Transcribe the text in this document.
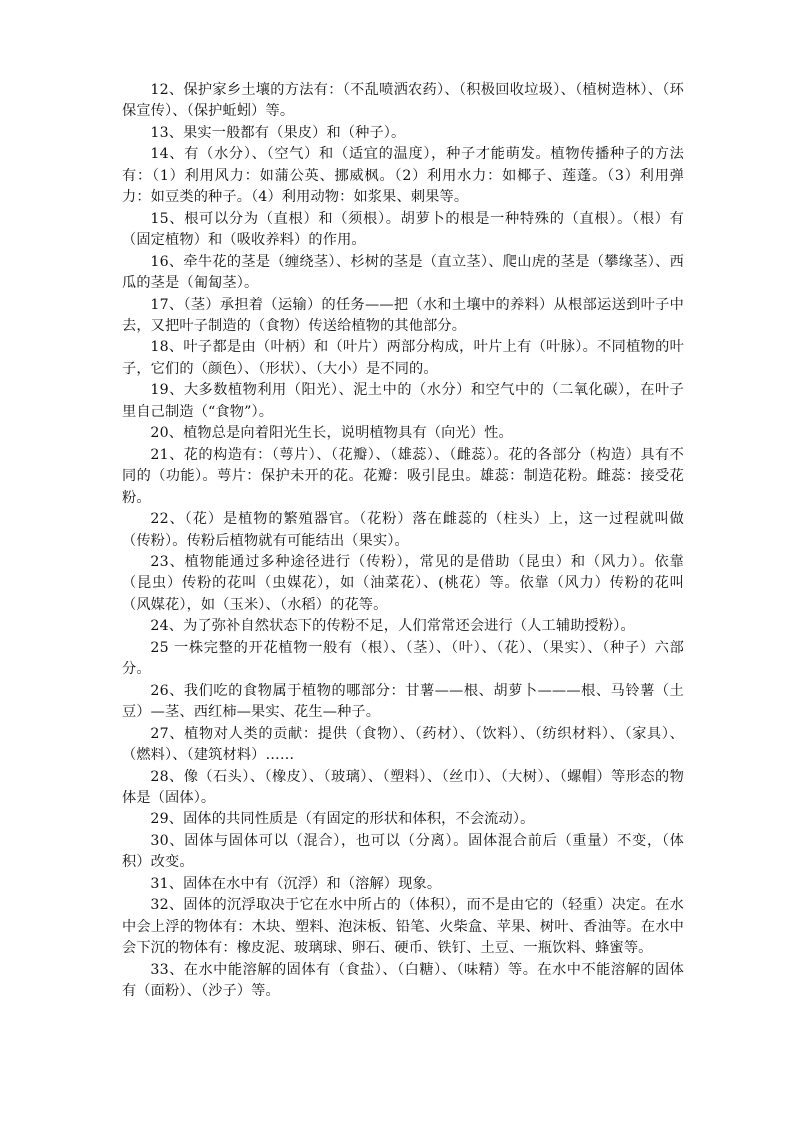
12、保护家乡土壤的方法有：（不乱喷洒农药）、（积极回收垃圾）、（植树造林）、（环保宣传）、（保护蚯蚓）等。

13、果实一般都有（果皮）和（种子）。

14、有（水分）、（空气）和（适宜的温度），种子才能萌发。植物传播种子的方法有：（1）利用风力：如蒲公英、挪威枫。（2）利用水力：如椰子、莲蓬。（3）利用弹力：如豆类的种子。（4）利用动物：如浆果、刺果等。

15、根可以分为（直根）和（须根）。胡萝卜的根是一种特殊的（直根）。（根）有（固定植物）和（吸收养料）的作用。

16、牵牛花的茎是（缠绕茎）、杉树的茎是（直立茎）、爬山虎的茎是（攀缘茎）、西瓜的茎是（匍匐茎）。

17、（茎）承担着（运输）的任务——把（水和土壤中的养料）从根部运送到叶子中去，又把叶子制造的（食物）传送给植物的其他部分。

18、叶子都是由（叶柄）和（叶片）两部分构成，叶片上有（叶脉）。不同植物的叶子，它们的（颜色）、（形状）、（大小）是不同的。

19、大多数植物利用（阳光）、泥土中的（水分）和空气中的（二氧化碳），在叶子里自己制造（“食物”）。

20、植物总是向着阳光生长，说明植物具有（向光）性。

21、花的构造有：（萼片）、（花瓣）、（雄蕊）、（雌蕊）。花的各部分（构造）具有不同的（功能）。萼片：保护未开的花。花瓣：吸引昆虫。雄蕊：制造花粉。雌蕊：接受花粉。

22、（花）是植物的繁殖器官。（花粉）落在雌蕊的（柱头）上，这一过程就叫做（传粉）。传粉后植物就有可能结出（果实）。

23、植物能通过多种途径进行（传粉），常见的是借助（昆虫）和（风力）。依靠（昆虫）传粉的花叫（虫媒花），如（油菜花）、(桃花）等。依靠（风力）传粉的花叫（风媒花），如（玉米）、（水稻）的花等。

24、为了弥补自然状态下的传粉不足，人们常常还会进行（人工辅助授粉）。

25 一株完整的开花植物一般有（根）、（茎）、（叶）、（花）、（果实）、（种子）六部分。

26、我们吃的食物属于植物的哪部分：甘薯——根、胡萝卜———根、马铃薯（土豆）—茎、西红柿—果实、花生—种子。

27、植物对人类的贡献：提供（食物）、（药材）、（饮料）、（纺织材料）、（家具）、（燃料）、（建筑材料）……

28、像（石头）、（橡皮）、（玻璃）、（塑料）、（丝巾）、（大树）、（螺帽）等形态的物体是（固体）。

29、固体的共同性质是（有固定的形状和体积，不会流动）。

30、固体与固体可以（混合），也可以（分离）。固体混合前后（重量）不变，（体积）改变。

31、固体在水中有（沉浮）和（溶解）现象。

32、固体的沉浮取决于它在水中所占的（体积），而不是由它的（轻重）决定。在水中会上浮的物体有：木块、塑料、泡沫板、铅笔、火柴盒、苹果、树叶、香油等。在水中会下沉的物体有：橡皮泥、玻璃球、卵石、硬币、铁钉、土豆、一瓶饮料、蜂蜜等。

33、在水中能溶解的固体有（食盐）、（白糖）、（味精）等。在水中不能溶解的固体有（面粉）、（沙子）等。
